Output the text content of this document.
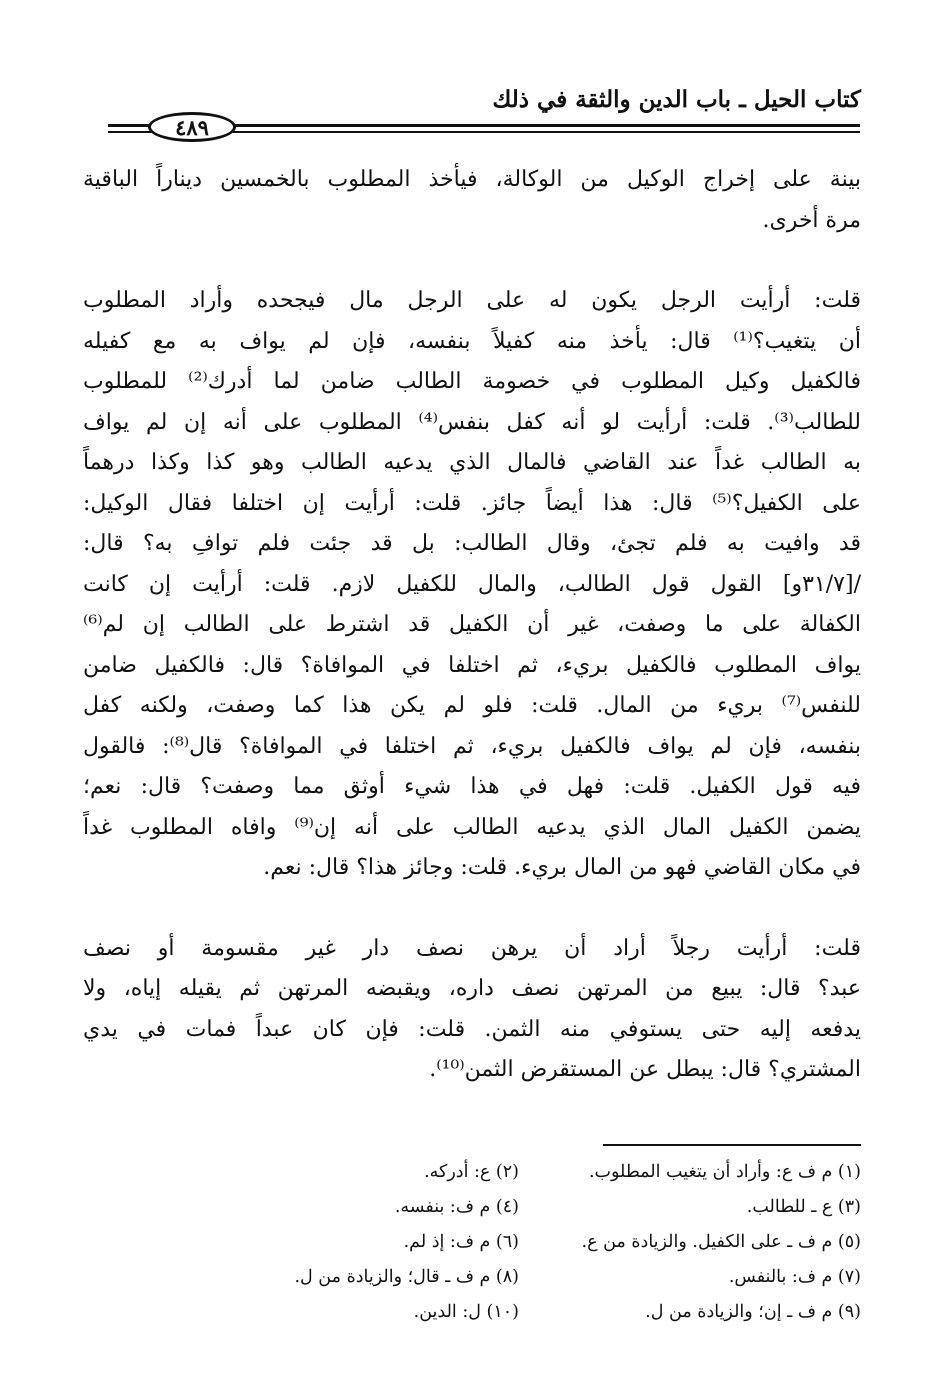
كتاب الحيل ـ باب الدين والثقة في ذلك
٤٨٩
بينة على إخراج الوكيل من الوكالة، فيأخذ المطلوب بالخمسين ديناراً الباقية
مرة أخرى.
قلت: أرأيت الرجل يكون له على الرجل مال فيجحده وأراد المطلوب
أن يتغيب؟⁽¹⁾ قال: يأخذ منه كفيلاً بنفسه، فإن لم يواف به مع كفيله
فالكفيل وكيل المطلوب في خصومة الطالب ضامن لما أدرك⁽²⁾ للمطلوب
للطالب⁽³⁾. قلت: أرأيت لو أنه كفل بنفس⁽⁴⁾ المطلوب على أنه إن لم يواف
به الطالب غداً عند القاضي فالمال الذي يدعيه الطالب وهو كذا وكذا درهماً
على الكفيل؟⁽⁵⁾ قال: هذا أيضاً جائز. قلت: أرأيت إن اختلفا فقال الوكيل:
قد وافيت به فلم تجئ، وقال الطالب: بل قد جئت فلم توافِ به؟ قال:
/[٣١/٧و] القول قول الطالب، والمال للكفيل لازم. قلت: أرأيت إن كانت
الكفالة على ما وصفت، غير أن الكفيل قد اشترط على الطالب إن لم⁽⁶⁾
يواف المطلوب فالكفيل بريء، ثم اختلفا في الموافاة؟ قال: فالكفيل ضامن
للنفس⁽⁷⁾ بريء من المال. قلت: فلو لم يكن هذا كما وصفت، ولكنه كفل
بنفسه، فإن لم يواف فالكفيل بريء، ثم اختلفا في الموافاة؟ قال⁽⁸⁾: فالقول
فيه قول الكفيل. قلت: فهل في هذا شيء أوثق مما وصفت؟ قال: نعم؛
يضمن الكفيل المال الذي يدعيه الطالب على أنه إن⁽⁹⁾ وافاه المطلوب غداً
في مكان القاضي فهو من المال بريء. قلت: وجائز هذا؟ قال: نعم.
قلت: أرأيت رجلاً أراد أن يرهن نصف دار غير مقسومة أو نصف
عبد؟ قال: يبيع من المرتهن نصف داره، ويقبضه المرتهن ثم يقيله إياه، ولا
يدفعه إليه حتى يستوفي منه الثمن. قلت: فإن كان عبداً فمات في يدي
المشتري؟ قال: يبطل عن المستقرض الثمن⁽¹⁰⁾.
(١) م ف ع: وأراد أن يتغيب المطلوب.
(٢) ع: أدركه.
(٣) ع ـ للطالب.
(٤) م ف: بنفسه.
(٥) م ف ـ على الكفيل. والزيادة من ع.
(٦) م ف: إذ لم.
(٧) م ف: بالنفس.
(٨) م ف ـ قال؛ والزيادة من ل.
(٩) م ف ـ إن؛ والزيادة من ل.
(١٠) ل: الدين.
